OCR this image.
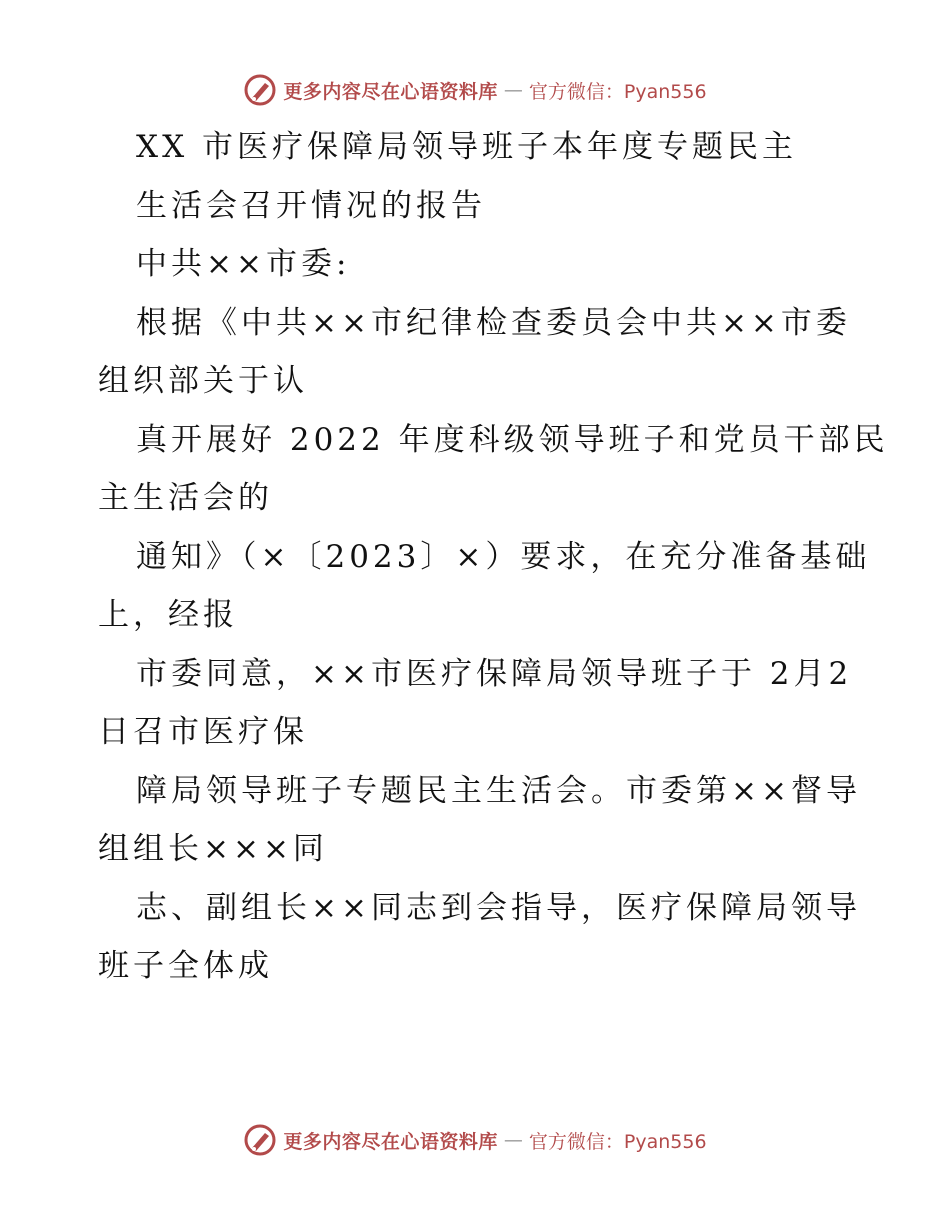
更多内容尽在心语资料库 — 官方微信：Pyan556
XX 市医疗保障局领导班子本年度专题民主
生活会召开情况的报告
中共××市委:
根据《中共××市纪律检查委员会中共××市委
组织部关于认
真开展好 2022 年度科级领导班子和党员干部民
主生活会的
通知》（×〔2023〕×）要求，在充分准备基础
上，经报
市委同意，××市医疗保障局领导班子于 2月2
日召市医疗保
障局领导班子专题民主生活会。市委第××督导
组组长×××同
志、副组长××同志到会指导，医疗保障局领导
班子全体成
更多内容尽在心语资料库 — 官方微信：Pyan556
